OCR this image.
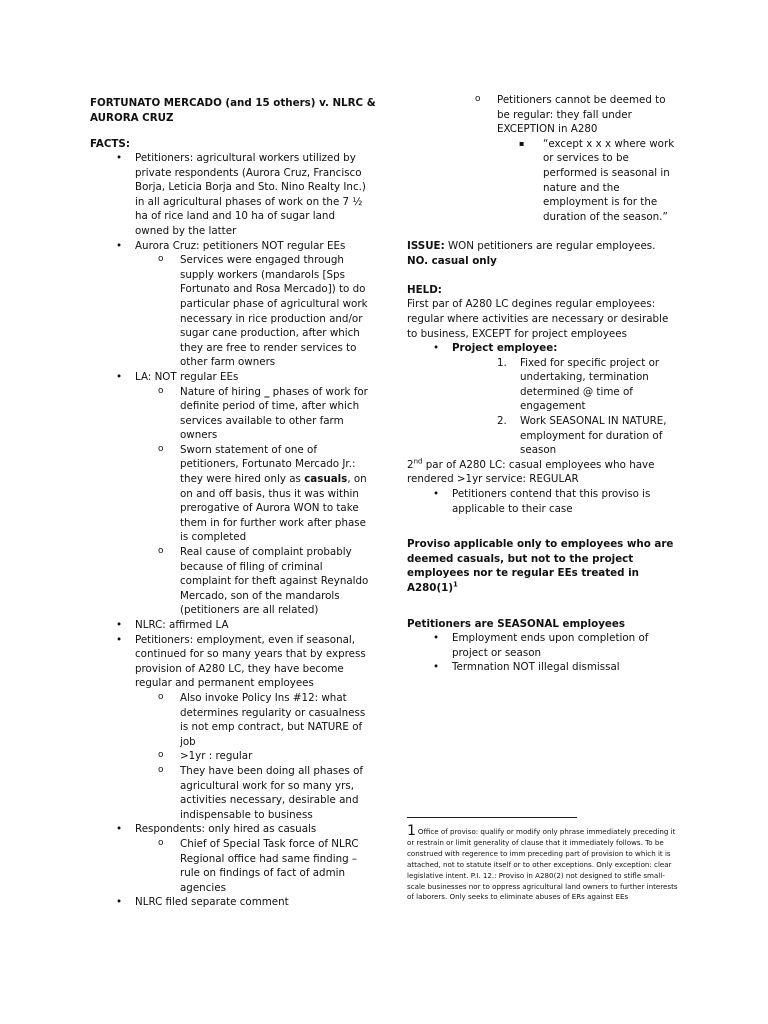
FORTUNATO MERCADO (and 15 others) v. NLRC & AURORA CRUZ
FACTS:
• Petitioners: agricultural workers utilized by private respondents (Aurora Cruz, Francisco Borja, Leticia Borja and Sto. Nino Realty Inc.) in all agricultural phases of work on the 7 ½ ha of rice land and 10 ha of sugar land owned by the latter
• Aurora Cruz: petitioners NOT regular EEs
o Services were engaged through supply workers (mandarols [Sps Fortunato and Rosa Mercado]) to do particular phase of agricultural work necessary in rice production and/or sugar cane production, after which they are free to render services to other farm owners
• LA: NOT regular EEs
o Nature of hiring _ phases of work for definite period of time, after which services available to other farm owners
o Sworn statement of one of petitioners, Fortunato Mercado Jr.: they were hired only as casuals, on on and off basis, thus it was within prerogative of Aurora WON to take them in for further work after phase is completed
o Real cause of complaint probably because of filing of criminal complaint for theft against Reynaldo Mercado, son of the mandarols (petitioners are all related)
• NLRC: affirmed LA
• Petitioners: employment, even if seasonal, continued for so many years that by express provision of A280 LC, they have become regular and permanent employees
o Also invoke Policy Ins #12: what determines regularity or casualness is not emp contract, but NATURE of job
o >1yr : regular
o They have been doing all phases of agricultural work for so many yrs, activities necessary, desirable and indispensable to business
• Respondents: only hired as casuals
o Chief of Special Task force of NLRC Regional office had same finding – rule on findings of fact of admin agencies
• NLRC filed separate comment
o Petitioners cannot be deemed to be regular: they fall under EXCEPTION in A280
▪ “except x x x where work or services to be performed is seasonal in nature and the employment is for the duration of the season.”
ISSUE: WON petitioners are regular employees. NO. casual only
HELD:
First par of A280 LC degines regular employees: regular where activities are necessary or desirable to business, EXCEPT for project employees
• Project employee:
1. Fixed for specific project or undertaking, termination determined @ time of engagement
2. Work SEASONAL IN NATURE, employment for duration of season
2nd par of A280 LC: casual employees who have rendered >1yr service: REGULAR
• Petitioners contend that this proviso is applicable to their case
Proviso applicable only to employees who are deemed casuals, but not to the project employees nor te regular EEs treated in $A280(1)^1$
Petitioners are SEASONAL employees
• Employment ends upon completion of project or season
• Termnation NOT illegal dismissal
1 Office of proviso: qualify or modify only phrase immediately preceding it or restrain or limit generality of clause that it immediately follows. To be construed with regerence to imm preceding part of provision to which it is attached, not to statute itself or to other exceptions. Only exception: clear legislative intent. P.I. 12.: Proviso in A280(2) not designed to stifle small-scale businesses nor to oppress agricultural land owners to further interests of laborers. Only seeks to eliminate abuses of ERs against EEs
